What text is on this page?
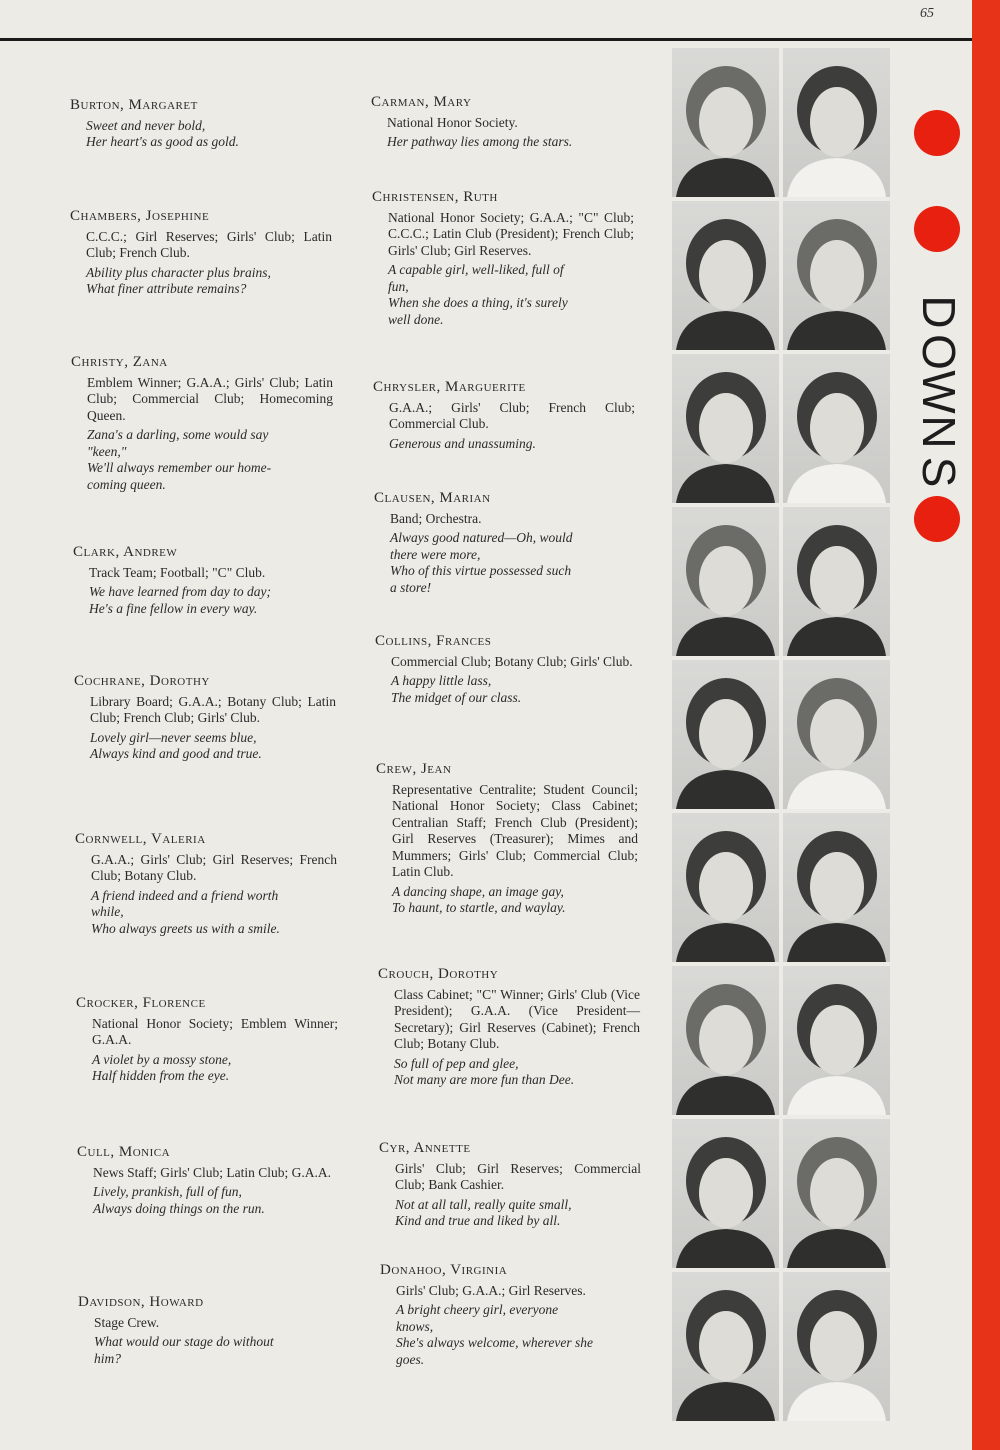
65
D
O
W
N
S
Burton, Margaret
Sweet and never bold,
Her heart's as good as gold.
Chambers, Josephine
C.C.C.; Girl Reserves; Girls' Club; Latin Club; French Club.
Ability plus character plus brains,
What finer attribute remains?
Christy, Zana
Emblem Winner; G.A.A.; Girls' Club; Latin Club; Commercial Club; Homecoming Queen.
Zana's a darling, some would say
"keen,"
We'll always remember our home-
coming queen.
Clark, Andrew
Track Team; Football; "C" Club.
We have learned from day to day;
He's a fine fellow in every way.
Cochrane, Dorothy
Library Board; G.A.A.; Botany Club; Latin Club; French Club; Girls' Club.
Lovely girl—never seems blue,
Always kind and good and true.
Cornwell, Valeria
G.A.A.; Girls' Club; Girl Reserves; French Club; Botany Club.
A friend indeed and a friend worth
while,
Who always greets us with a smile.
Crocker, Florence
National Honor Society; Emblem Winner; G.A.A.
A violet by a mossy stone,
Half hidden from the eye.
Cull, Monica
News Staff; Girls' Club; Latin Club; G.A.A.
Lively, prankish, full of fun,
Always doing things on the run.
Davidson, Howard
Stage Crew.
What would our stage do without
him?
Carman, Mary
National Honor Society.
Her pathway lies among the stars.
Christensen, Ruth
National Honor Society; G.A.A.; "C" Club; C.C.C.; Latin Club (President); French Club; Girls' Club; Girl Reserves.
A capable girl, well-liked, full of
fun,
When she does a thing, it's surely
well done.
Chrysler, Marguerite
G.A.A.; Girls' Club; French Club; Commercial Club.
Generous and unassuming.
Clausen, Marian
Band; Orchestra.
Always good natured—Oh, would
there were more,
Who of this virtue possessed such
a store!
Collins, Frances
Commercial Club; Botany Club; Girls' Club.
A happy little lass,
The midget of our class.
Crew, Jean
Representative Centralite; Student Council; National Honor Society; Class Cabinet; Centralian Staff; French Club (President); Girl Reserves (Treasurer); Mimes and Mummers; Girls' Club; Commercial Club; Latin Club.
A dancing shape, an image gay,
To haunt, to startle, and waylay.
Crouch, Dorothy
Class Cabinet; "C" Winner; Girls' Club (Vice President); G.A.A. (Vice President—Secretary); Girl Reserves (Cabinet); French Club; Botany Club.
So full of pep and glee,
Not many are more fun than Dee.
Cyr, Annette
Girls' Club; Girl Reserves; Commercial Club; Bank Cashier.
Not at all tall, really quite small,
Kind and true and liked by all.
Donahoo, Virginia
Girls' Club; G.A.A.; Girl Reserves.
A bright cheery girl, everyone
knows,
She's always welcome, wherever she
goes.
